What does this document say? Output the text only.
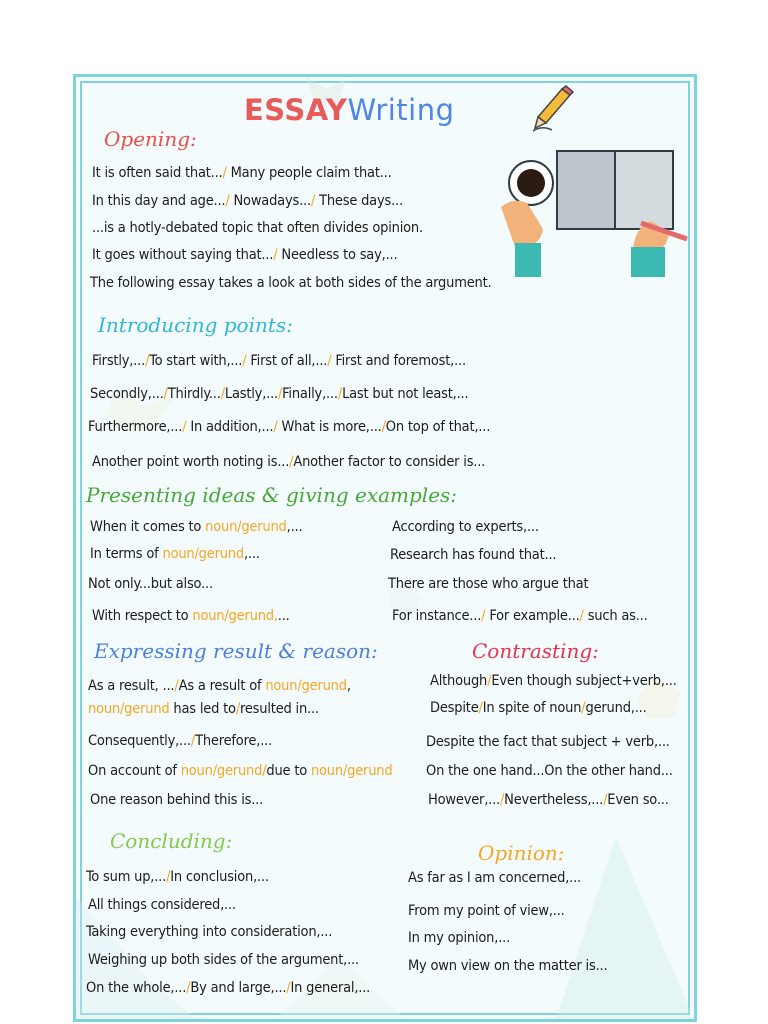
ESSAYWriting

Opening:

It is often said that.../ Many people claim that...

In this day and age.../ Nowadays.../ These days...

...is a hotly-debated topic that often divides opinion.

It goes without saying that.../ Needless to say,...

The following essay takes a look at both sides of the argument.

Introducing points:

Firstly,.../To start with,.../ First of all,.../ First and foremost,...

Secondly,.../Thirdly.../Lastly,.../Finally,.../Last but not least,...

Furthermore,.../ In addition,.../ What is more,.../On top of that,...

Another point worth noting is.../Another factor to consider is...

Presenting ideas & giving examples:

When it comes to noun/gerund,...

In terms of noun/gerund,...

Not only...but also...

With respect to noun/gerund,...

According to experts,...

Research has found that...

There are those who argue that

For instance.../ For example.../ such as...

Expressing result & reason:

As a result, .../As a result of noun/gerund,

noun/gerund has led to/resulted in...

Consequently,.../Therefore,...

On account of noun/gerund/due to noun/gerund

One reason behind this is...

Contrasting:

Although/Even though subject+verb,...

Despite/In spite of noun/gerund,...

Despite the fact that subject + verb,...

On the one hand...On the other hand...

However,.../Nevertheless,.../Even so...

Concluding:

To sum up,.../In conclusion,...

All things considered,...

Taking everything into consideration,...

Weighing up both sides of the argument,...

On the whole,.../By and large,.../In general,...

Opinion:

As far as I am concerned,...

From my point of view,...

In my opinion,...

My own view on the matter is...
